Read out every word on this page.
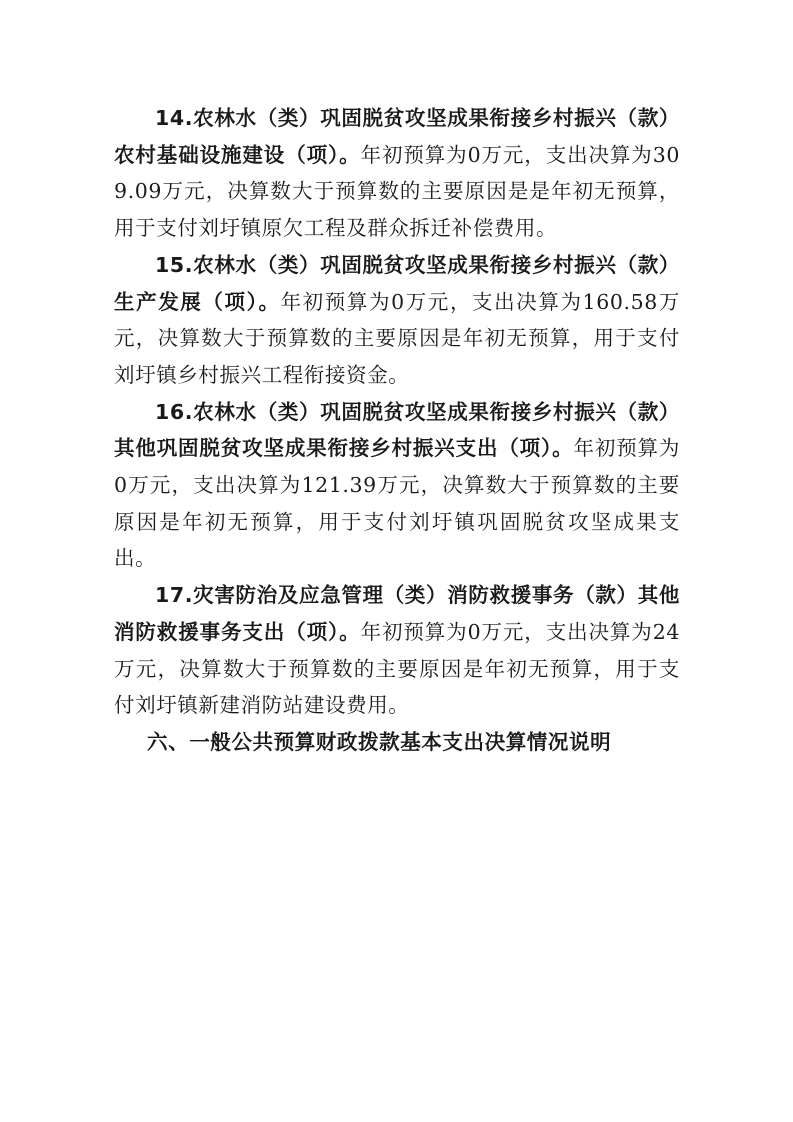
14.农林水（类）巩固脱贫攻坚成果衔接乡村振兴（款）农村基础设施建设（项）。年初预算为0万元，支出决算为309.09万元，决算数大于预算数的主要原因是是年初无预算，用于支付刘圩镇原欠工程及群众拆迁补偿费用。

15.农林水（类）巩固脱贫攻坚成果衔接乡村振兴（款）生产发展（项）。年初预算为0万元，支出决算为160.58万元，决算数大于预算数的主要原因是年初无预算，用于支付刘圩镇乡村振兴工程衔接资金。

16.农林水（类）巩固脱贫攻坚成果衔接乡村振兴（款）其他巩固脱贫攻坚成果衔接乡村振兴支出（项）。年初预算为0万元，支出决算为121.39万元，决算数大于预算数的主要原因是年初无预算，用于支付刘圩镇巩固脱贫攻坚成果支出。

17.灾害防治及应急管理（类）消防救援事务（款）其他消防救援事务支出（项）。年初预算为0万元，支出决算为24万元，决算数大于预算数的主要原因是年初无预算，用于支付刘圩镇新建消防站建设费用。

六、一般公共预算财政拨款基本支出决算情况说明
